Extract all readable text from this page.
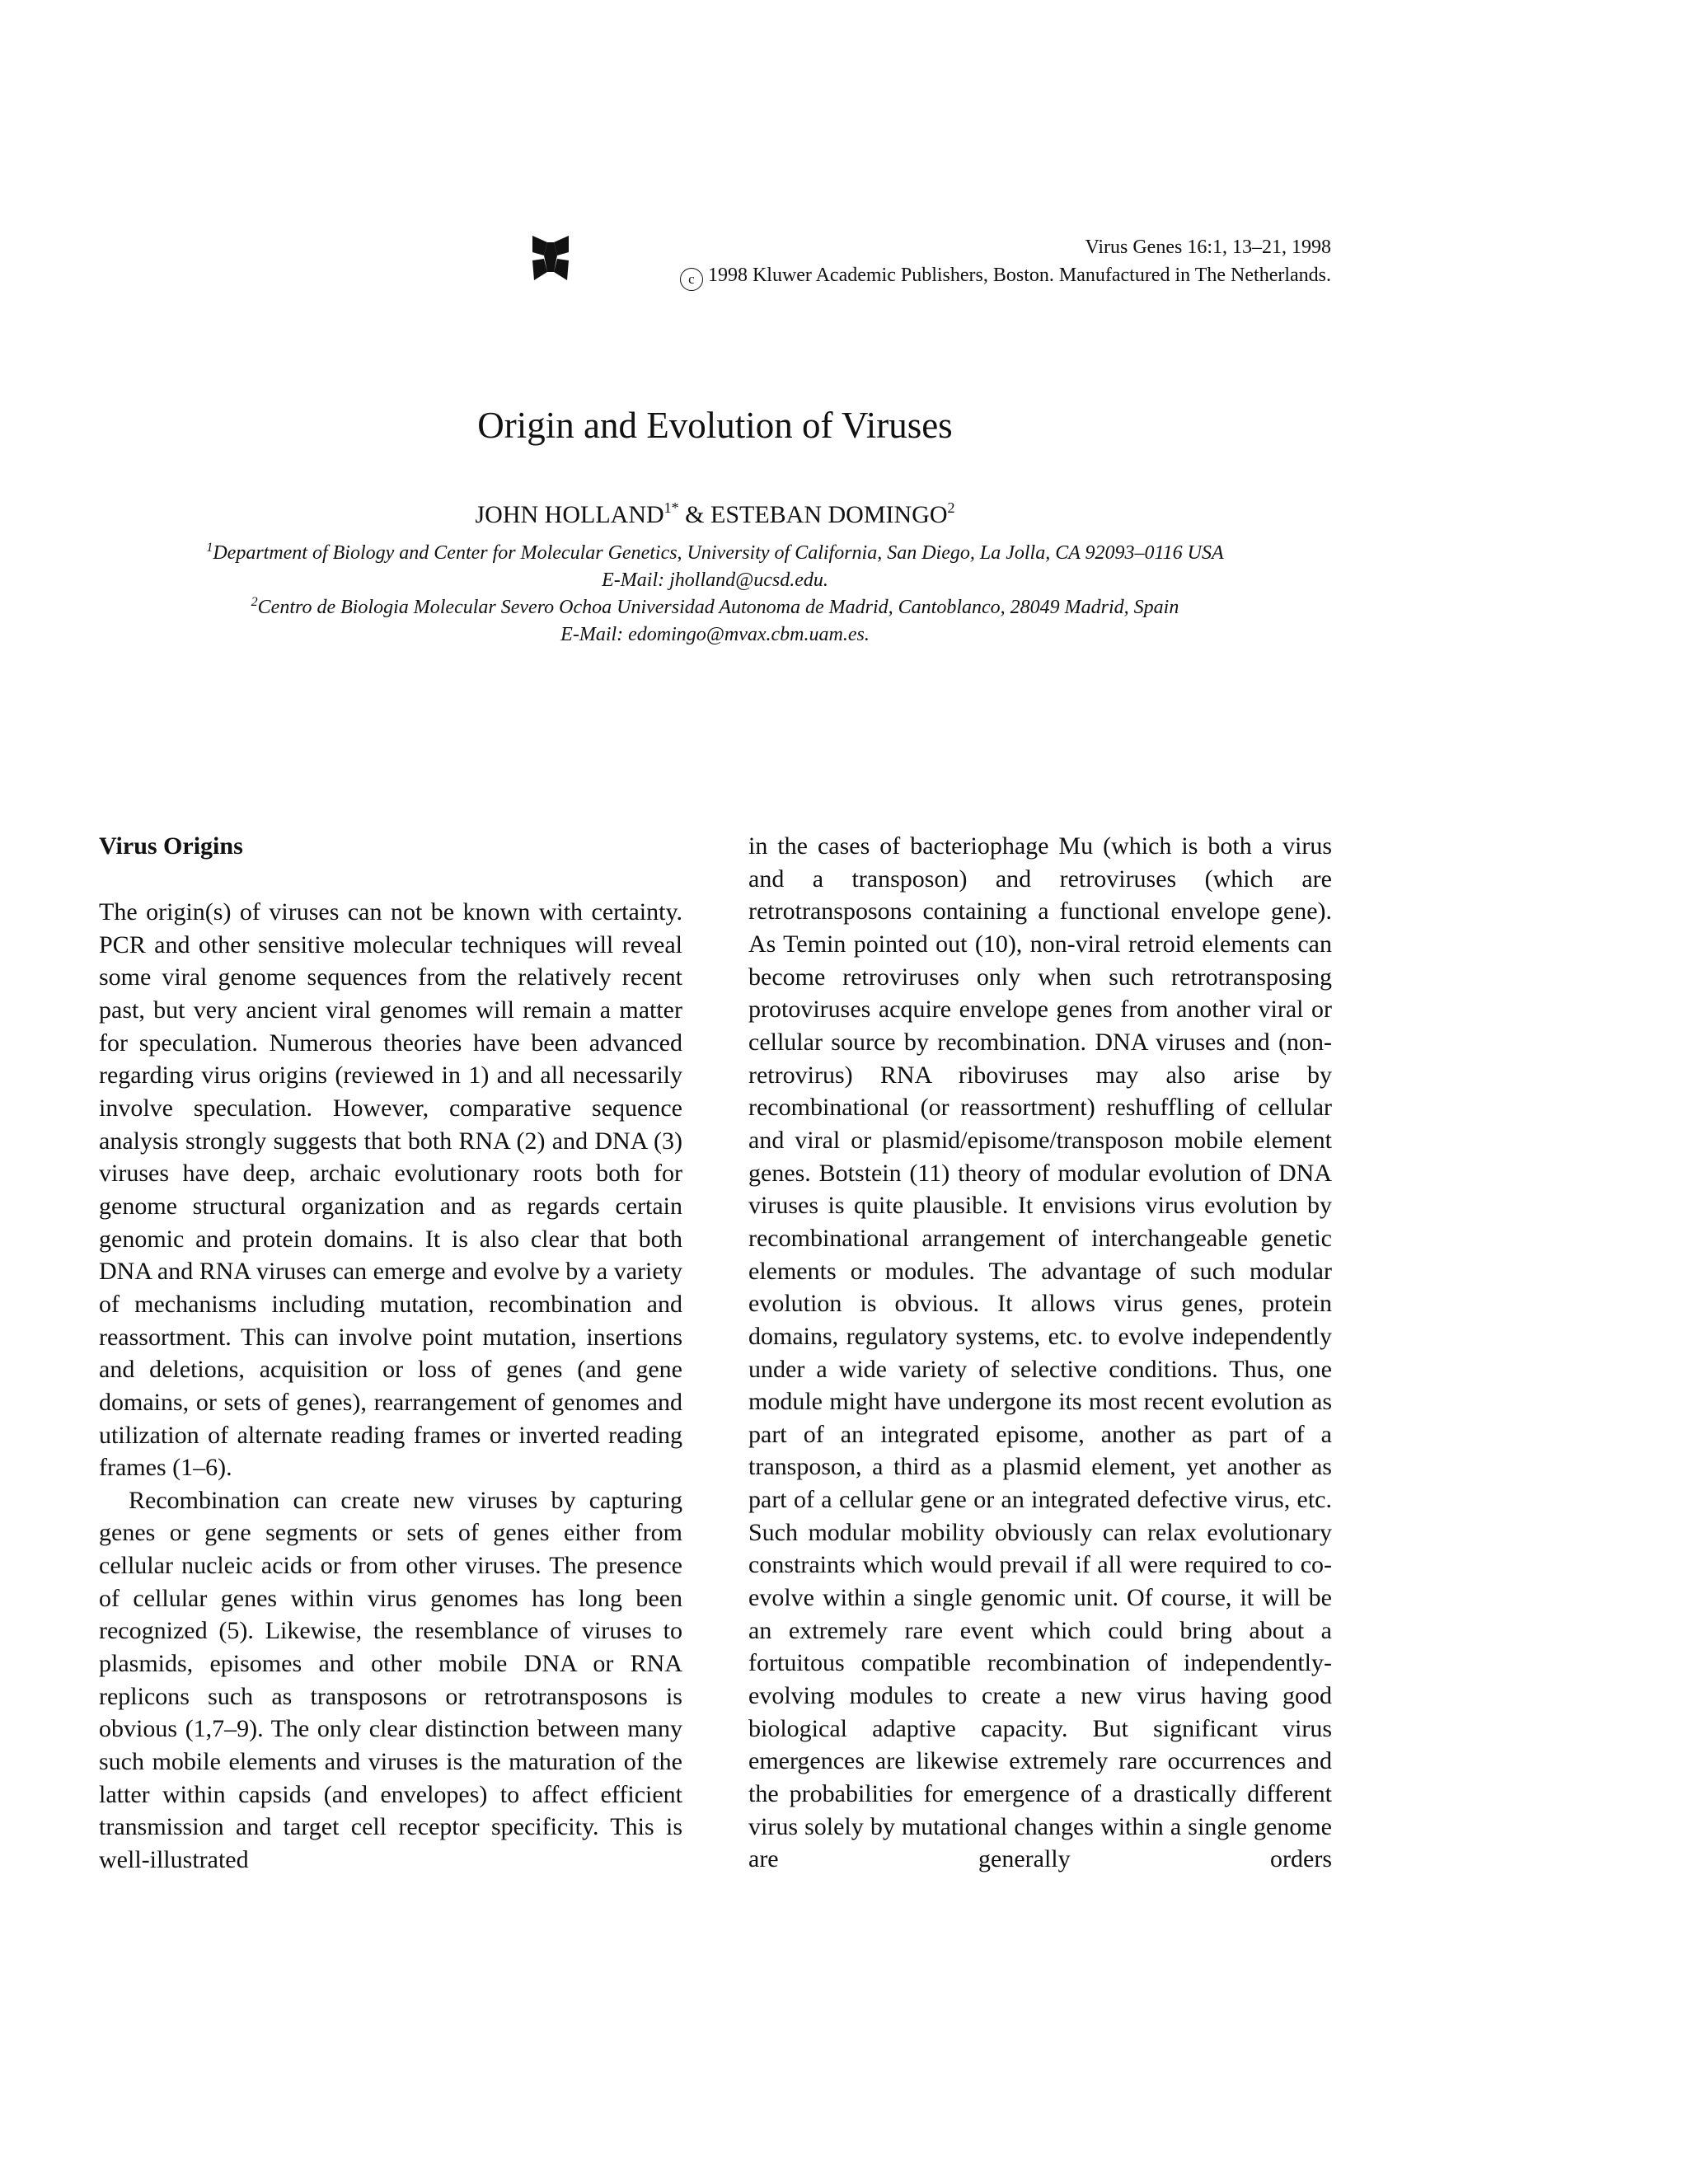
Virus Genes 16:1, 13–21, 1998
c 1998 Kluwer Academic Publishers, Boston. Manufactured in The Netherlands.
Origin and Evolution of Viruses
JOHN $HOLLAND^{1*}$ & ESTEBAN DOMINGO$^2$
$^1$Department of Biology and Center for Molecular Genetics, University of California, San Diego, La Jolla, CA 92093–0116 USA
E-Mail: jholland@ucsd.edu.
$^2$Centro de Biologia Molecular Severo Ochoa Universidad Autonoma de Madrid, Cantoblanco, 28049 Madrid, Spain
E-Mail: edomingo@mvax.cbm.uam.es.
Virus Origins

The origin(s) of viruses can not be known with certainty. PCR and other sensitive molecular techniques will reveal some viral genome sequences from the relatively recent past, but very ancient viral genomes will remain a matter for speculation. Numerous theories have been advanced regarding virus origins (reviewed in 1) and all necessarily involve speculation. However, comparative sequence analysis strongly suggests that both RNA (2) and DNA (3) viruses have deep, archaic evolutionary roots both for genome structural organization and as regards certain genomic and protein domains. It is also clear that both DNA and RNA viruses can emerge and evolve by a variety of mechanisms including mutation, recombination and reassortment. This can involve point mutation, insertions and deletions, acquisition or loss of genes (and gene domains, or sets of genes), rearrangement of genomes and utilization of alternate reading frames or inverted reading frames (1–6).

Recombination can create new viruses by capturing genes or gene segments or sets of genes either from cellular nucleic acids or from other viruses. The presence of cellular genes within virus genomes has long been recognized (5). Likewise, the resemblance of viruses to plasmids, episomes and other mobile DNA or RNA replicons such as transposons or retrotransposons is obvious (1,7–9). The only clear distinction between many such mobile elements and viruses is the maturation of the latter within capsids (and envelopes) to affect efficient transmission and target cell receptor specificity. This is well-illustrated

in the cases of bacteriophage Mu (which is both a virus and a transposon) and retroviruses (which are retrotransposons containing a functional envelope gene). As Temin pointed out (10), non-viral retroid elements can become retroviruses only when such retrotransposing protoviruses acquire envelope genes from another viral or cellular source by recombination. DNA viruses and (non-retrovirus) RNA riboviruses may also arise by recombinational (or reassortment) reshuffling of cellular and viral or plasmid/episome/transposon mobile element genes. Botstein (11) theory of modular evolution of DNA viruses is quite plausible. It envisions virus evolution by recombinational arrangement of interchangeable genetic elements or modules. The advantage of such modular evolution is obvious. It allows virus genes, protein domains, regulatory systems, etc. to evolve independently under a wide variety of selective conditions. Thus, one module might have undergone its most recent evolution as part of an integrated episome, another as part of a transposon, a third as a plasmid element, yet another as part of a cellular gene or an integrated defective virus, etc. Such modular mobility obviously can relax evolutionary constraints which would prevail if all were required to co-evolve within a single genomic unit. Of course, it will be an extremely rare event which could bring about a fortuitous compatible recombination of independently-evolving modules to create a new virus having good biological adaptive capacity. But significant virus emergences are likewise extremely rare occurrences and the probabilities for emergence of a drastically different virus solely by mutational changes within a single genome are generally orders
